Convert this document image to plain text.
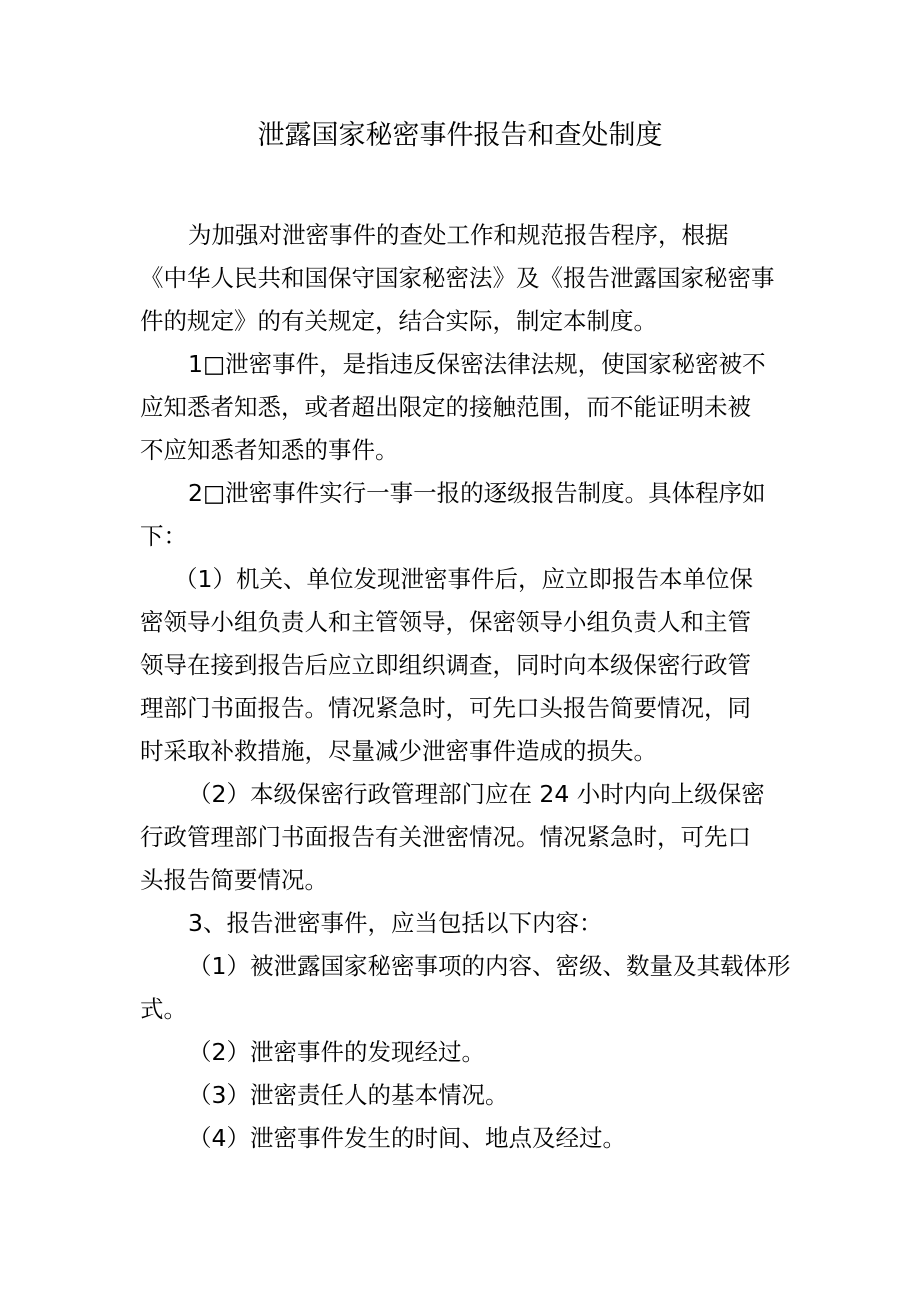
泄露国家秘密事件报告和查处制度
为加强对泄密事件的查处工作和规范报告程序，根据
《中华人民共和国保守国家秘密法》及《报告泄露国家秘密事
件的规定》的有关规定，结合实际，制定本制度。
1□泄密事件，是指违反保密法律法规，使国家秘密被不
应知悉者知悉，或者超出限定的接触范围，而不能证明未被
不应知悉者知悉的事件。
2□泄密事件实行一事一报的逐级报告制度。具体程序如
下：
（1）机关、单位发现泄密事件后，应立即报告本单位保
密领导小组负责人和主管领导，保密领导小组负责人和主管
领导在接到报告后应立即组织调查，同时向本级保密行政管
理部门书面报告。情况紧急时，可先口头报告简要情况，同
时采取补救措施，尽量减少泄密事件造成的损失。
（2）本级保密行政管理部门应在 24 小时内向上级保密
行政管理部门书面报告有关泄密情况。情况紧急时，可先口
头报告简要情况。
3、报告泄密事件，应当包括以下内容：
（1）被泄露国家秘密事项的内容、密级、数量及其载体形
式。
（2）泄密事件的发现经过。
（3）泄密责任人的基本情况。
（4）泄密事件发生的时间、地点及经过。
